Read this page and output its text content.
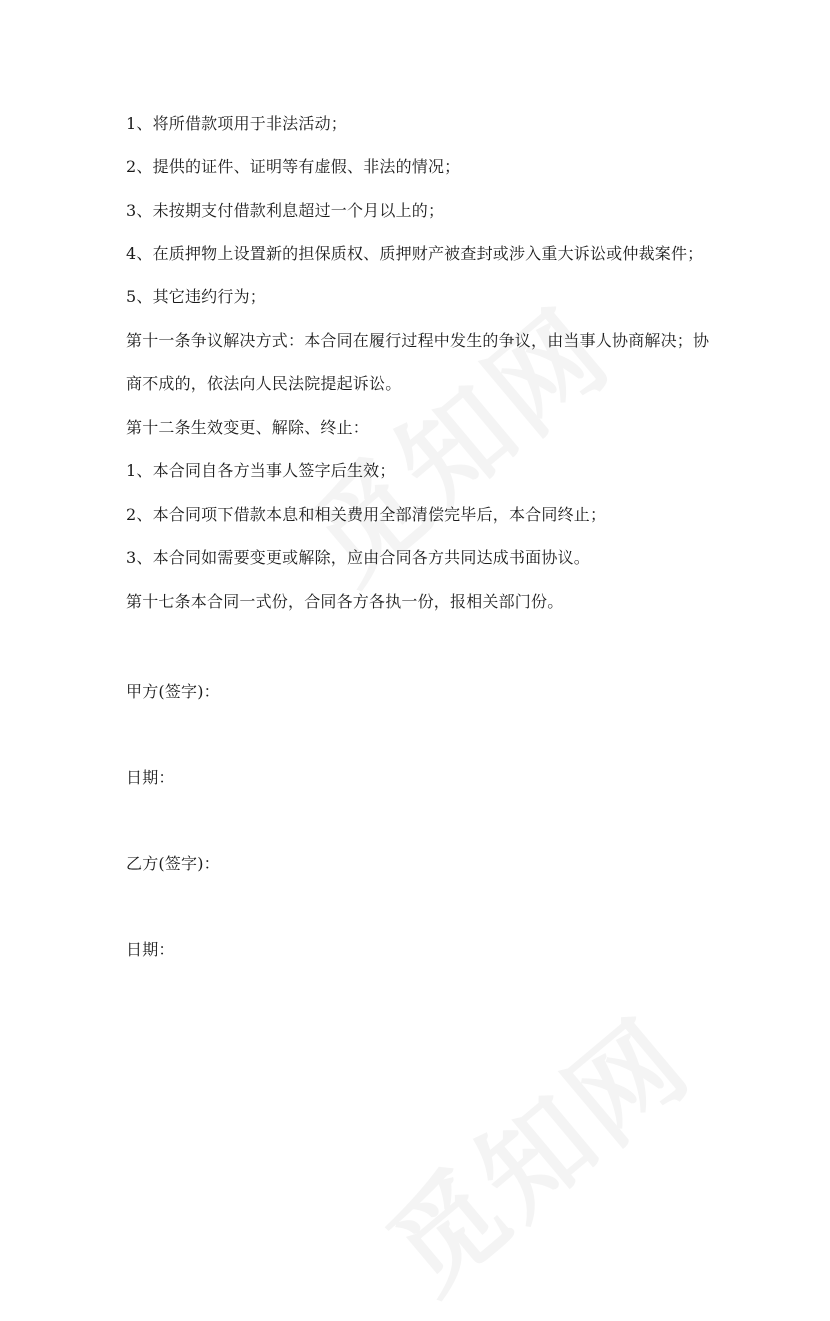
1、将所借款项用于非法活动；
2、提供的证件、证明等有虚假、非法的情况；
3、未按期支付借款利息超过一个月以上的；
4、在质押物上设置新的担保质权、质押财产被查封或涉入重大诉讼或仲裁案件；
5、其它违约行为；
第十一条争议解决方式：本合同在履行过程中发生的争议，由当事人协商解决；协
商不成的，依法向人民法院提起诉讼。
第十二条生效变更、解除、终止：
1、本合同自各方当事人签字后生效；
2、本合同项下借款本息和相关费用全部清偿完毕后，本合同终止；
3、本合同如需要变更或解除，应由合同各方共同达成书面协议。
第十七条本合同一式份，合同各方各执一份，报相关部门份。
甲方(签字)：
日期：
乙方(签字)：
日期：
